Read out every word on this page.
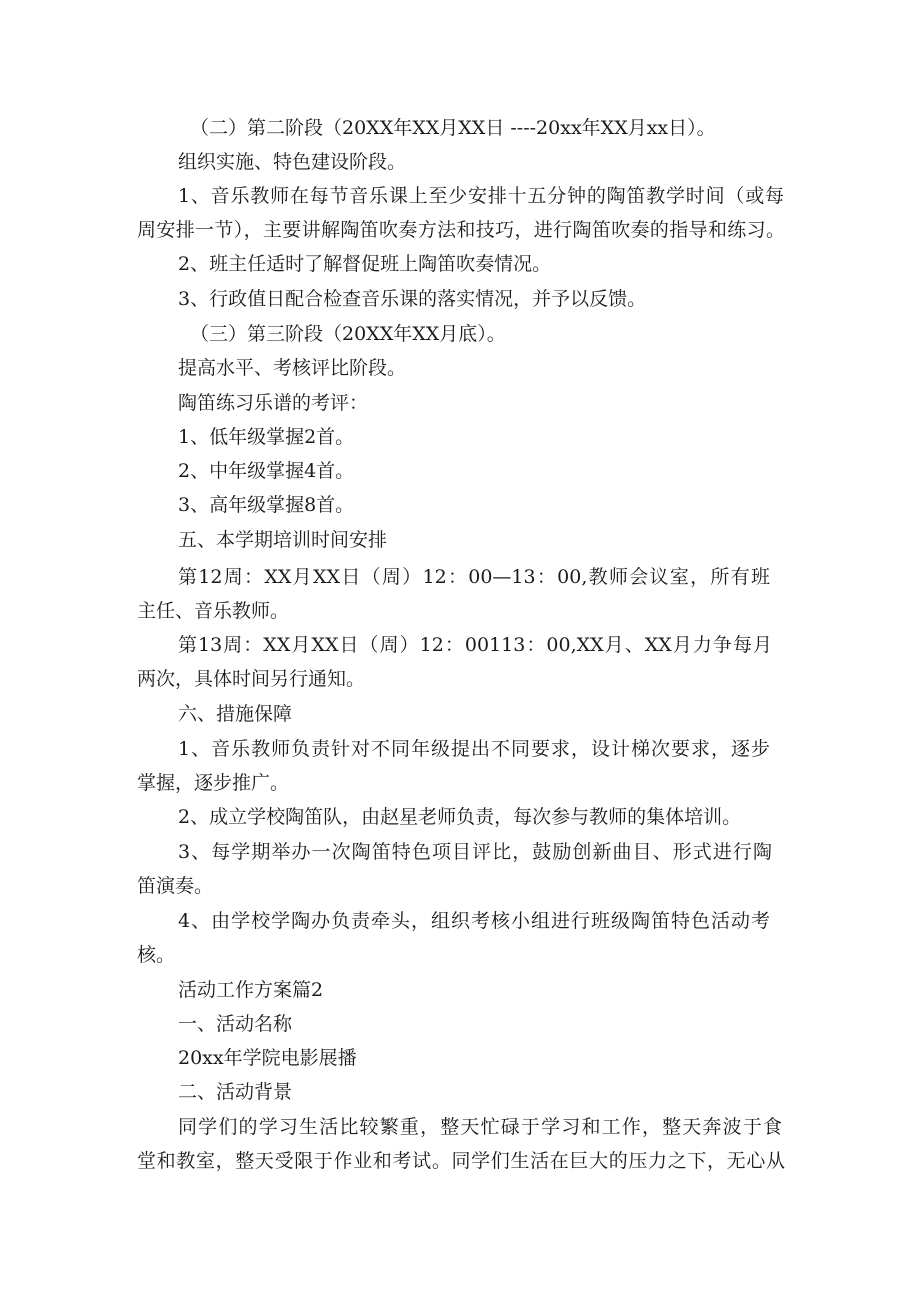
（二）第二阶段（20XX年XX月XX日 ----20xx年XX月xx日）。
组织实施、特色建设阶段。
1、音乐教师在每节音乐课上至少安排十五分钟的陶笛教学时间（或每
周安排一节），主要讲解陶笛吹奏方法和技巧，进行陶笛吹奏的指导和练习。
2、班主任适时了解督促班上陶笛吹奏情况。
3、行政值日配合检查音乐课的落实情况，并予以反馈。
（三）第三阶段（20XX年XX月底）。
提高水平、考核评比阶段。
陶笛练习乐谱的考评：
1、低年级掌握2首。
2、中年级掌握4首。
3、高年级掌握8首。
五、本学期培训时间安排
第12周：XX月XX日（周）12：00—13：00,教师会议室，所有班
主任、音乐教师。
第13周：XX月XX日（周）12：00113：00,XX月、XX月力争每月
两次，具体时间另行通知。
六、措施保障
1、音乐教师负责针对不同年级提出不同要求，设计梯次要求，逐步
掌握，逐步推广。
2、成立学校陶笛队，由赵星老师负责，每次参与教师的集体培训。
3、每学期举办一次陶笛特色项目评比，鼓励创新曲目、形式进行陶
笛演奏。
4、由学校学陶办负责牵头，组织考核小组进行班级陶笛特色活动考
核。
活动工作方案篇2
一、活动名称
20xx年学院电影展播
二、活动背景
同学们的学习生活比较繁重，整天忙碌于学习和工作，整天奔波于食
堂和教室，整天受限于作业和考试。同学们生活在巨大的压力之下，无心从
